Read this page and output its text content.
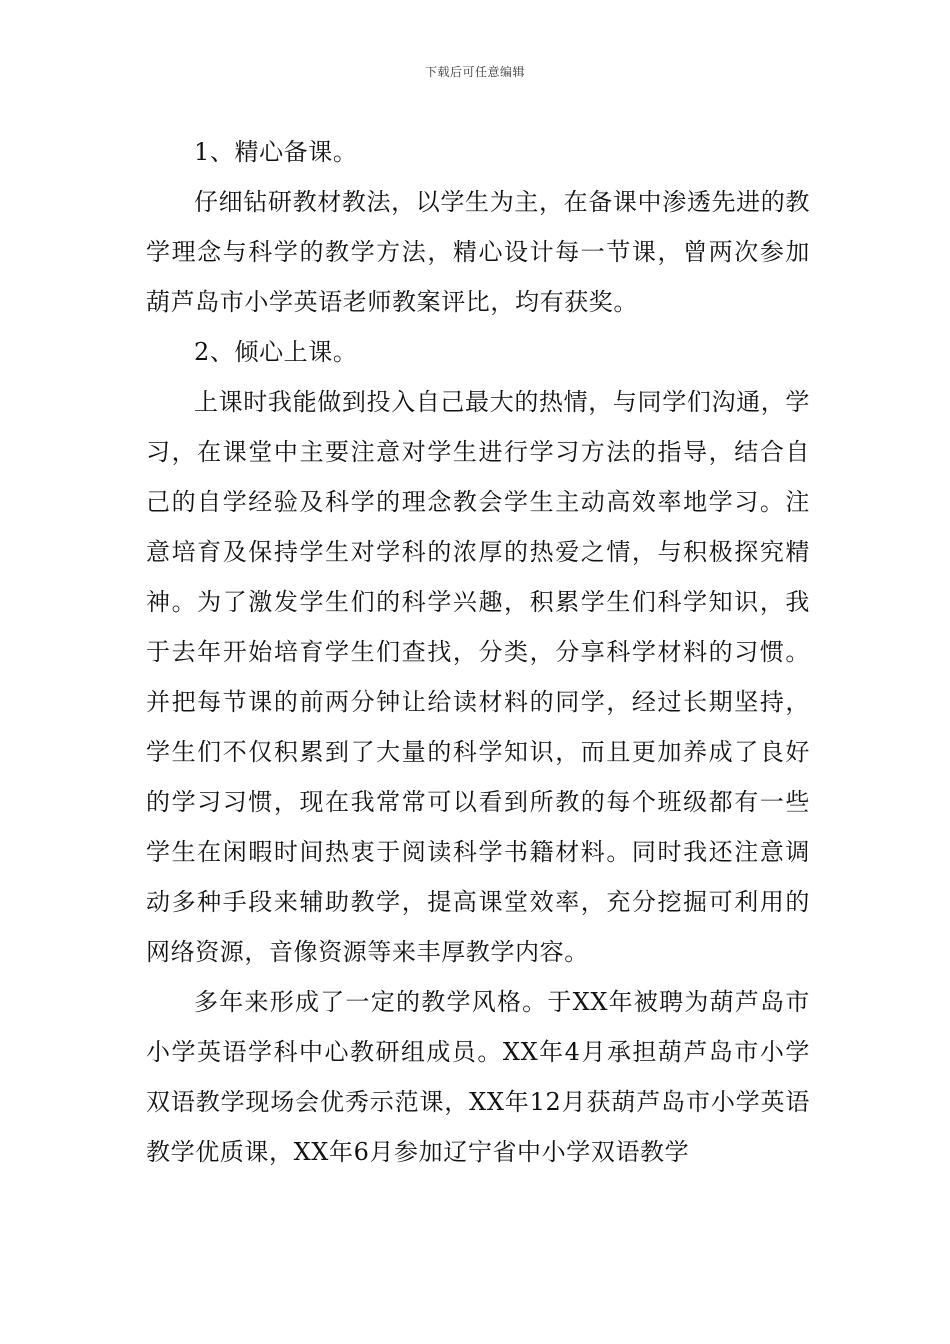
下载后可任意编辑

1、精心备课。

仔细钻研教材教法，以学生为主，在备课中渗透先进的教学理念与科学的教学方法，精心设计每一节课，曾两次参加葫芦岛市小学英语老师教案评比，均有获奖。

2、倾心上课。

上课时我能做到投入自己最大的热情，与同学们沟通，学习，在课堂中主要注意对学生进行学习方法的指导，结合自己的自学经验及科学的理念教会学生主动高效率地学习。注意培育及保持学生对学科的浓厚的热爱之情，与积极探究精神。为了激发学生们的科学兴趣，积累学生们科学知识，我于去年开始培育学生们查找，分类，分享科学材料的习惯。并把每节课的前两分钟让给读材料的同学，经过长期坚持，学生们不仅积累到了大量的科学知识，而且更加养成了良好的学习习惯，现在我常常可以看到所教的每个班级都有一些学生在闲暇时间热衷于阅读科学书籍材料。同时我还注意调动多种手段来辅助教学，提高课堂效率，充分挖掘可利用的网络资源，音像资源等来丰厚教学内容。

多年来形成了一定的教学风格。于XX年被聘为葫芦岛市小学英语学科中心教研组成员。XX年4月承担葫芦岛市小学双语教学现场会优秀示范课，XX年12月获葫芦岛市小学英语教学优质课，XX年6月参加辽宁省中小学双语教学
